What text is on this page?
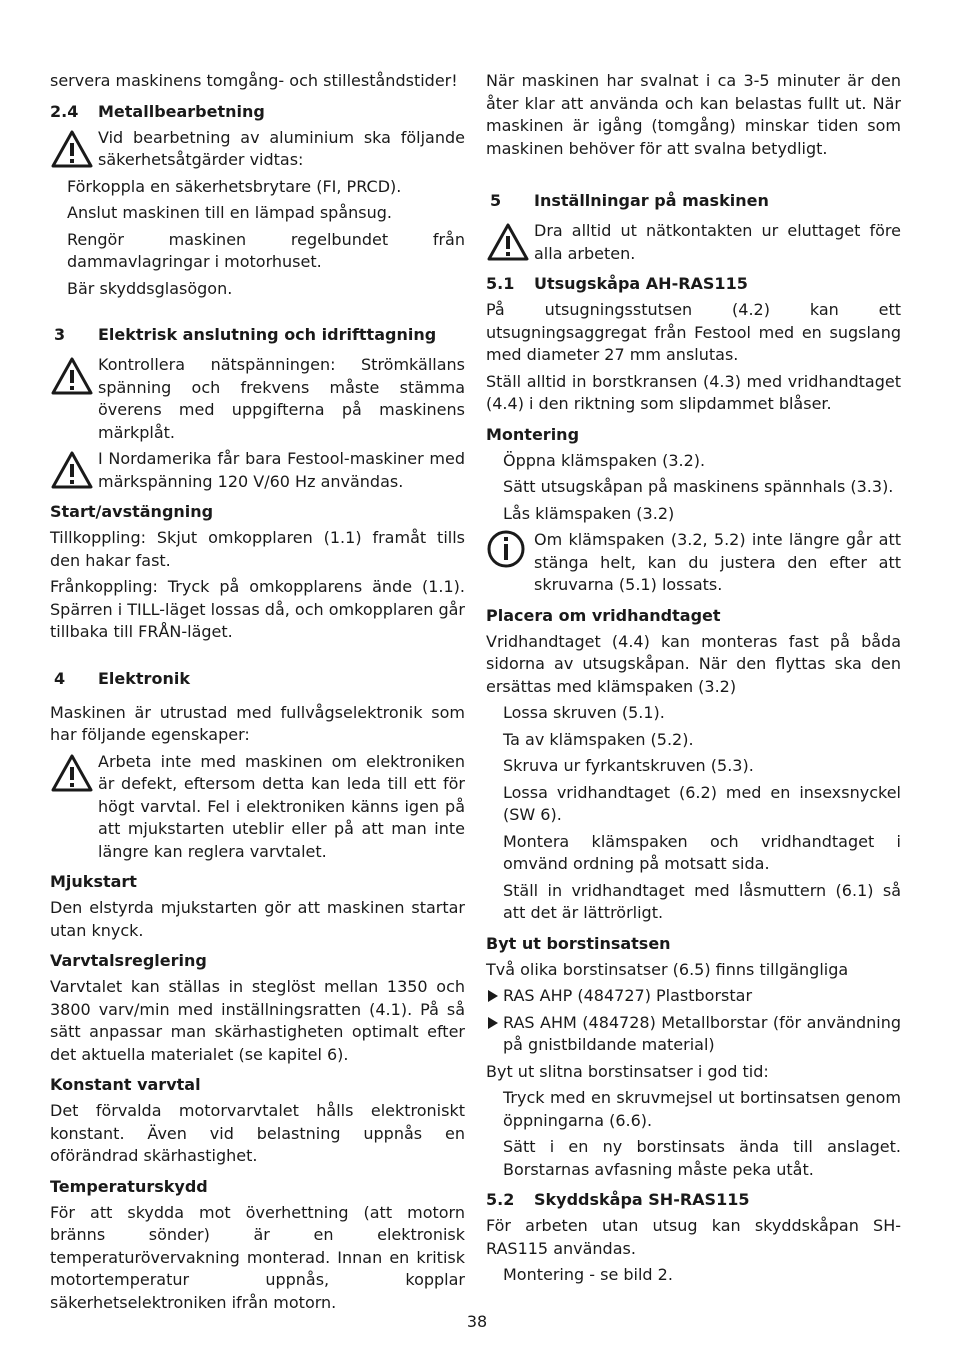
servera maskinens tomgång- och stilleståndstider!

2.4 Metallbearbetning

Vid bearbetning av aluminium ska följande säkerhetsåtgärder vidtas:

Förkoppla en säkerhetsbrytare (FI, PRCD).

Anslut maskinen till en lämpad spånsug.

Rengör maskinen regelbundet från dammavlagringar i motorhuset.

Bär skyddsglasögon.

3 Elektrisk anslutning och idrifttagning

Kontrollera nätspänningen: Strömkällans spänning och frekvens måste stämma överens med uppgifterna på maskinens märkplåt.

I Nordamerika får bara Festool-maskiner med märkspänning 120 V/60 Hz användas.

Start/avstängning

Tillkoppling: Skjut omkopplaren (1.1) framåt tills den hakar fast.

Frånkoppling: Tryck på omkopplarens ände (1.1). Spärren i TILL-läget lossas då, och omkopplaren går tillbaka till FRÅN-läget.

4 Elektronik

Maskinen är utrustad med fullvågselektronik som har följande egenskaper:

Arbeta inte med maskinen om elektroniken är defekt, eftersom detta kan leda till ett för högt varvtal. Fel i elektroniken känns igen på att mjukstarten uteblir eller på att man inte längre kan reglera varvtalet.

Mjukstart

Den elstyrda mjukstarten gör att maskinen startar utan knyck.

Varvtalsreglering

Varvtalet kan ställas in steglöst mellan 1350 och 3800 varv/min med inställningsratten (4.1). På så sätt anpassar man skärhastigheten optimalt efter det aktuella materialet (se kapitel 6).

Konstant varvtal

Det förvalda motorvarvtalet hålls elektroniskt konstant. Även vid belastning uppnås en oförändrad skärhastighet.

Temperaturskydd

För att skydda mot överhettning (att motorn bränns sönder) är en elektronisk temperaturövervakning monterad. Innan en kritisk motortemperatur uppnås, kopplar säkerhetselektroniken ifrån motorn.

När maskinen har svalnat i ca 3-5 minuter är den åter klar att använda och kan belastas fullt ut. När maskinen är igång (tomgång) minskar tiden som maskinen behöver för att svalna betydligt.

5 Inställningar på maskinen

Dra alltid ut nätkontakten ur eluttaget före alla arbeten.

5.1 Utsugskåpa AH-RAS115

På utsugningsstutsen (4.2) kan ett utsugningsaggregat från Festool med en sugslang med diameter 27 mm anslutas.

Ställ alltid in borstkransen (4.3) med vridhandtaget (4.4) i den riktning som slipdammet blåser.

Montering

Öppna klämspaken (3.2).

Sätt utsugskåpan på maskinens spännhals (3.3).

Lås klämspaken (3.2)

Om klämspaken (3.2, 5.2) inte längre går att stänga helt, kan du justera den efter att skruvarna (5.1) lossats.

Placera om vridhandtaget

Vridhandtaget (4.4) kan monteras fast på båda sidorna av utsugskåpan. När den flyttas ska den ersättas med klämspaken (3.2)

Lossa skruven (5.1).

Ta av klämspaken (5.2).

Skruva ur fyrkantskruven (5.3).

Lossa vridhandtaget (6.2) med en insexsnyckel (SW 6).

Montera klämspaken och vridhandtaget i omvänd ordning på motsatt sida.

Ställ in vridhandtaget med låsmuttern (6.1) så att det är lättrörligt.

Byt ut borstinsatsen

Två olika borstinsatser (6.5) finns tillgängliga

RAS AHP (484727) Plastborstar

RAS AHM (484728) Metallborstar (för användning på gnistbildande material)

Byt ut slitna borstinsatser i god tid:

Tryck med en skruvmejsel ut bortinsatsen genom öppningarna (6.6).

Sätt i en ny borstinsats ända till anslaget. Borstarnas avfasning måste peka utåt.

5.2 Skyddskåpa SH-RAS115

För arbeten utan utsug kan skyddskåpan SH-RAS115 användas.

Montering - se bild 2.

38
